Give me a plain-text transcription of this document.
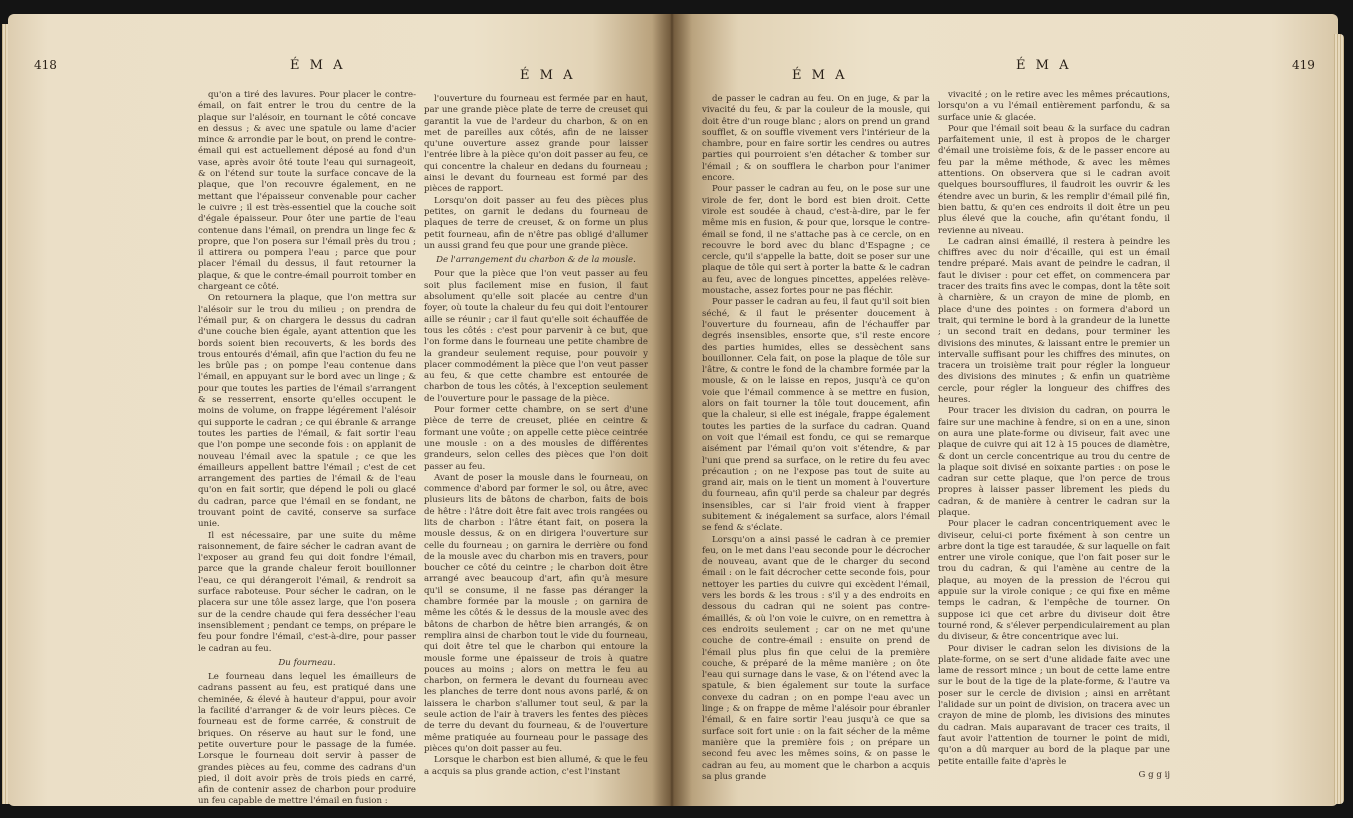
418	É M A
É M A

qu'on a tiré des lavures. Pour placer le contre-émail, on fait entrer le trou du centre de la plaque sur l'alésoir, en tournant le côté concave en dessus ; & avec une spatule ou lame d'acier mince & arrondie par le bout, on prend le contre-émail qui est actuellement déposé au fond d'un vase, après avoir ôté toute l'eau qui surnageoit, & on l'étend sur toute la surface concave de la plaque, que l'on recouvre également, en ne mettant que l'épaisseur convenable pour cacher le cuivre ; il est très-essentiel que la couche soit d'égale épaisseur. Pour ôter une partie de l'eau contenue dans l'émail, on prendra un linge fec & propre, que l'on posera sur l'émail près du trou ; il attirera ou pompera l'eau ; parce que pour placer l'émail du dessus, il faut retourner la plaque, & que le contre-émail pourroit tomber en chargeant ce côté.

On retournera la plaque, que l'on mettra sur l'alésoir sur le trou du milieu ; on prendra de l'émail pur, & on chargera le dessus du cadran d'une couche bien égale, ayant attention que les bords soient bien recouverts, & les bords des trous entourés d'émail, afin que l'action du feu ne les brûle pas ; on pompe l'eau contenue dans l'émail, en appuyant sur le bord avec un linge ; & pour que toutes les parties de l'émail s'arrangent & se resserrent, ensorte qu'elles occupent le moins de volume, on frappe légérement l'alésoir qui supporte le cadran ; ce qui ébranle & arrange toutes les parties de l'émail, & fait sortir l'eau que l'on pompe une seconde fois : on applanit de nouveau l'émail avec la spatule ; ce que les émailleurs appellent battre l'émail ; c'est de cet arrangement des parties de l'émail & de l'eau qu'on en fait sortir, que dépend le poli ou glacé du cadran, parce que l'émail en se fondant, ne trouvant point de cavité, conserve sa surface unie.

Il est nécessaire, par une suite du même raisonnement, de faire sécher le cadran avant de l'exposer au grand feu qui doit fondre l'émail, parce que la grande chaleur feroit bouillonner l'eau, ce qui dérangeroit l'émail, & rendroit sa surface raboteuse. Pour sécher le cadran, on le placera sur une tôle assez large, que l'on posera sur de la cendre chaude qui fera dessécher l'eau insensiblement ; pendant ce temps, on prépare le feu pour fondre l'émail, c'est-à-dire, pour passer le cadran au feu.

Du fourneau.

Le fourneau dans lequel les émailleurs de cadrans passent au feu, est pratiqué dans une cheminée, & élevé à hauteur d'appui, pour avoir la facilité d'arranger & de voir leurs pièces. Ce fourneau est de forme carrée, & construit de briques. On réserve au haut sur le fond, une petite ouverture pour le passage de la fumée. Lorsque le fourneau doit servir à passer de grandes pièces au feu, comme des cadrans d'un pied, il doit avoir près de trois pieds en carré, afin de contenir assez de charbon pour produire un feu capable de mettre l'émail en fusion :

l'ouverture du fourneau est fermée par en haut, par une grande pièce plate de terre de creuset qui garantit la vue de l'ardeur du charbon, & on en met de pareilles aux côtés, afin de ne laisser qu'une ouverture assez grande pour laisser l'entrée libre à la pièce qu'on doit passer au feu, ce qui concentre la chaleur en dedans du fourneau ; ainsi le devant du fourneau est formé par des pièces de rapport.

Lorsqu'on doit passer au feu des pièces plus petites, on garnit le dedans du fourneau de plaques de terre de creuset, & on forme un plus petit fourneau, afin de n'être pas obligé d'allumer un aussi grand feu que pour une grande pièce.

De l'arrangement du charbon & de la mousle.

Pour que la pièce que l'on veut passer au feu soit plus facilement mise en fusion, il faut absolument qu'elle soit placée au centre d'un foyer, où toute la chaleur du feu qui doit l'entourer aille se réunir ; car il faut qu'elle soit échauffée de tous les côtés : c'est pour parvenir à ce but, que l'on forme dans le fourneau une petite chambre de la grandeur seulement requise, pour pouvoir y placer commodément la pièce que l'on veut passer au feu, & que cette chambre est entourée de charbon de tous les côtés, à l'exception seulement de l'ouverture pour le passage de la pièce.

Pour former cette chambre, on se sert d'une pièce de terre de creuset, pliée en ceintre & formant une voûte ; on appelle cette pièce ceintrée une mousle : on a des mousles de différentes grandeurs, selon celles des pièces que l'on doit passer au feu.

Avant de poser la mousle dans le fourneau, on commence d'abord par former le sol, ou âtre, avec plusieurs lits de bâtons de charbon, faits de bois de hêtre : l'âtre doit être fait avec trois rangées ou lits de charbon : l'âtre étant fait, on posera la mousle dessus, & on en dirigera l'ouverture sur celle du fourneau ; on garnira le derrière ou fond de la mousle avec du charbon mis en travers, pour boucher ce côté du ceintre ; le charbon doit être arrangé avec beaucoup d'art, afin qu'à mesure qu'il se consume, il ne fasse pas déranger la chambre formée par la mousle ; on garnira de même les côtés & le dessus de la mousle avec des bâtons de charbon de hêtre bien arrangés, & on remplira ainsi de charbon tout le vide du fourneau, qui doit être tel que le charbon qui entoure la mousle forme une épaisseur de trois à quatre pouces au moins ; alors on mettra le feu au charbon, on fermera le devant du fourneau avec les planches de terre dont nous avons parlé, & on laissera le charbon s'allumer tout seul, & par la seule action de l'air à travers les fentes des pièces de terre du devant du fourneau, & de l'ouverture même pratiquée au fourneau pour le passage des pièces qu'on doit passer au feu.

Lorsque le charbon est bien allumé, & que le feu a acquis sa plus grande action, c'est l'instant

É M A
É M A	419

de passer le cadran au feu. On en juge, & par la vivacité du feu, & par la couleur de la mousle, qui doit être d'un rouge blanc ; alors on prend un grand soufflet, & on souffle vivement vers l'intérieur de la chambre, pour en faire sortir les cendres ou autres parties qui pourroient s'en détacher & tomber sur l'émail ; & on soufflera le charbon pour l'animer encore.

Pour passer le cadran au feu, on le pose sur une virole de fer, dont le bord est bien droit. Cette virole est soudée à chaud, c'est-à-dire, par le fer même mis en fusion, & pour que, lorsque le contre-émail se fond, il ne s'attache pas à ce cercle, on en recouvre le bord avec du blanc d'Espagne ; ce cercle, qu'il s'appelle la batte, doit se poser sur une plaque de tôle qui sert à porter la batte & le cadran au feu, avec de longues pincettes, appelées relève-moustache, assez fortes pour ne pas fléchir.

Pour passer le cadran au feu, il faut qu'il soit bien séché, & il faut le présenter doucement à l'ouverture du fourneau, afin de l'échauffer par degrés insensibles, ensorte que, s'il reste encore des parties humides, elles se dessèchent sans bouillonner. Cela fait, on pose la plaque de tôle sur l'âtre, & contre le fond de la chambre formée par la mousle, & on le laisse en repos, jusqu'à ce qu'on voie que l'émail commence à se mettre en fusion, alors on fait tourner la tôle tout doucement, afin que la chaleur, si elle est inégale, frappe également toutes les parties de la surface du cadran. Quand on voit que l'émail est fondu, ce qui se remarque aisément par l'émail qu'on voit s'étendre, & par l'uni que prend sa surface, on le retire du feu avec précaution ; on ne l'expose pas tout de suite au grand air, mais on le tient un moment à l'ouverture du fourneau, afin qu'il perde sa chaleur par degrés insensibles, car si l'air froid vient à frapper subitement & inégalement sa surface, alors l'émail se fend & s'éclate.

Lorsqu'on a ainsi passé le cadran à ce premier feu, on le met dans l'eau seconde pour le décrocher de nouveau, avant que de le charger du second émail : on le fait décrocher cette seconde fois, pour nettoyer les parties du cuivre qui excèdent l'émail, vers les bords & les trous : s'il y a des endroits en dessous du cadran qui ne soient pas contre-émaillés, & où l'on voie le cuivre, on en remettra à ces endroits seulement ; car on ne met qu'une couche de contre-émail : ensuite on prend de l'émail plus plus fin que celui de la première couche, & préparé de la même manière ; on ôte l'eau qui surnage dans le vase, & on l'étend avec la spatule, & bien également sur toute la surface convexe du cadran ; on en pompe l'eau avec un linge ; & on frappe de même l'alésoir pour ébranler l'émail, & en faire sortir l'eau jusqu'à ce que sa surface soit fort unie : on la fait sécher de la même manière que la première fois ; on prépare un second feu avec les mêmes soins, & on passe le cadran au feu, au moment que le charbon a acquis sa plus grande

vivacité ; on le retire avec les mêmes précautions, lorsqu'on a vu l'émail entièrement parfondu, & sa surface unie & glacée.

Pour que l'émail soit beau & la surface du cadran parfaitement unie, il est à propos de le charger d'émail une troisième fois, & de le passer encore au feu par la même méthode, & avec les mêmes attentions. On observera que si le cadran avoit quelques boursoufflures, il faudroit les ouvrir & les étendre avec un burin, & les remplir d'émail pilé fin, bien battu, & qu'en ces endroits il doit être un peu plus élevé que la couche, afin qu'étant fondu, il revienne au niveau.

Le cadran ainsi émaillé, il restera à peindre les chiffres avec du noir d'écaille, qui est un émail tendre préparé. Mais avant de peindre le cadran, il faut le diviser : pour cet effet, on commencera par tracer des traits fins avec le compas, dont la tête soit à charnière, & un crayon de mine de plomb, en place d'une des pointes : on formera d'abord un trait, qui termine le bord à la grandeur de la lunette ; un second trait en dedans, pour terminer les divisions des minutes, & laissant entre le premier un intervalle suffisant pour les chiffres des minutes, on tracera un troisième trait pour régler la longueur des divisions des minutes ; & enfin un quatrième cercle, pour régler la longueur des chiffres des heures.

Pour tracer les division du cadran, on pourra le faire sur une machine à fendre, si on en a une, sinon on aura une plate-forme ou diviseur, fait avec une plaque de cuivre qui ait 12 à 15 pouces de diamètre, & dont un cercle concentrique au trou du centre de la plaque soit divisé en soixante parties : on pose le cadran sur cette plaque, que l'on perce de trous propres à laisser passer librement les pieds du cadran, & de manière à centrer le cadran sur la plaque.

Pour placer le cadran concentriquement avec le diviseur, celui-ci porte fixément à son centre un arbre dont la tige est taraudée, & sur laquelle on fait entrer une virole conique, que l'on fait poser sur le trou du cadran, & qui l'amène au centre de la plaque, au moyen de la pression de l'écrou qui appuie sur la virole conique ; ce qui fixe en même temps le cadran, & l'empêche de tourner. On suppose ici que cet arbre du diviseur doit être tourné rond, & s'élever perpendiculairement au plan du diviseur, & être concentrique avec lui.

Pour diviser le cadran selon les divisions de la plate-forme, on se sert d'une alidade faite avec une lame de ressort mince ; un bout de cette lame entre sur le bout de la tige de la plate-forme, & l'autre va poser sur le cercle de division ; ainsi en arrêtant l'alidade sur un point de division, on tracera avec un crayon de mine de plomb, les divisions des minutes du cadran. Mais auparavant de tracer ces traits, il faut avoir l'attention de tourner le point de midi, qu'on a dû marquer au bord de la plaque par une petite entaille faite d'après le

G g g ij
